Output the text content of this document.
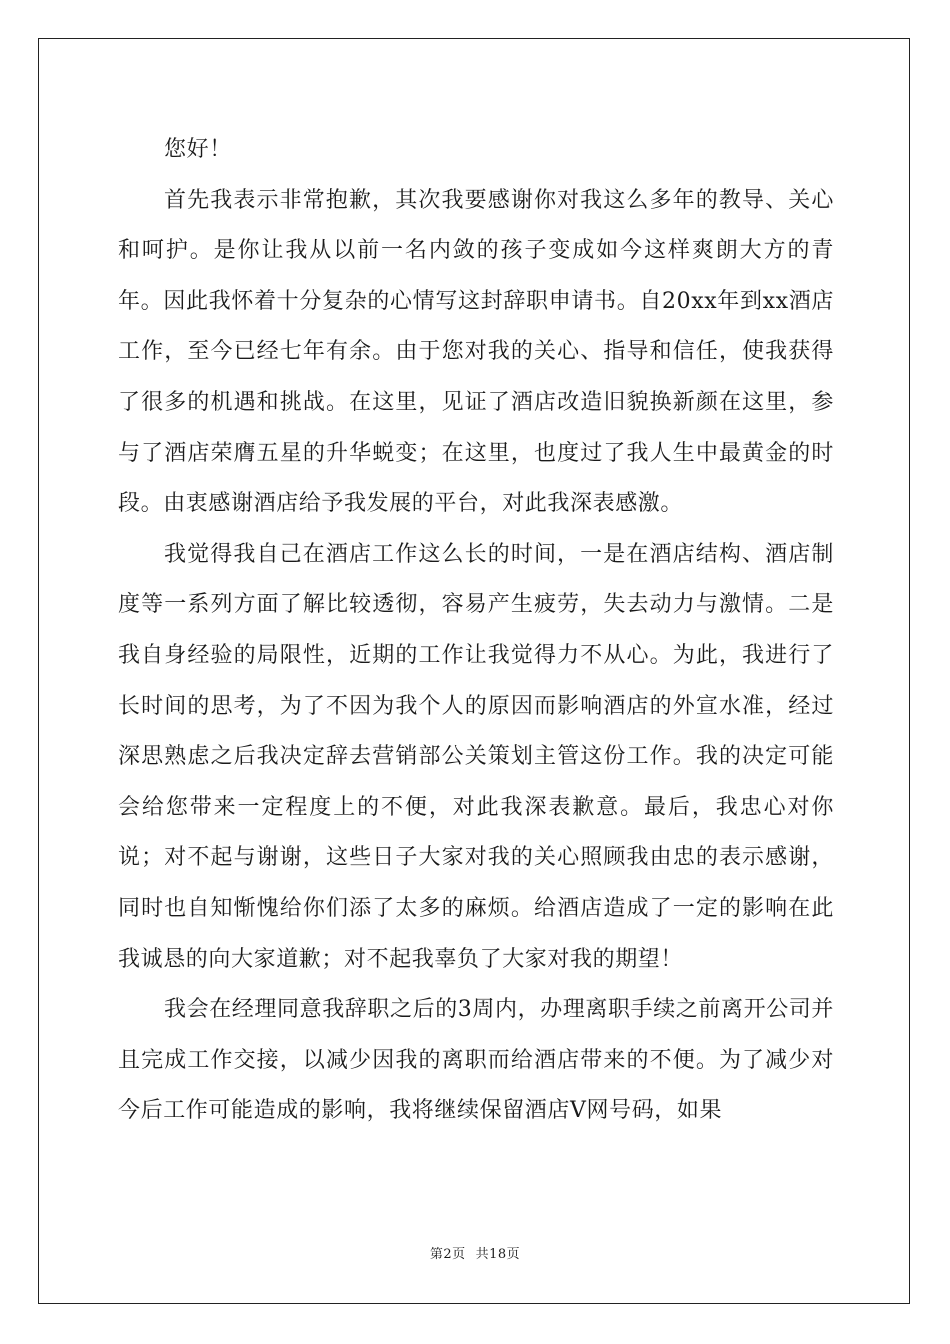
您好！

首先我表示非常抱歉，其次我要感谢你对我这么多年的教导、关心和呵护。是你让我从以前一名内敛的孩子变成如今这样爽朗大方的青年。因此我怀着十分复杂的心情写这封辞职申请书。自20xx年到xx酒店工作，至今已经七年有余。由于您对我的关心、指导和信任，使我获得了很多的机遇和挑战。在这里，见证了酒店改造旧貌换新颜在这里，参与了酒店荣膺五星的升华蜕变；在这里，也度过了我人生中最黄金的时段。由衷感谢酒店给予我发展的平台，对此我深表感激。

我觉得我自己在酒店工作这么长的时间，一是在酒店结构、酒店制度等一系列方面了解比较透彻，容易产生疲劳，失去动力与激情。二是我自身经验的局限性，近期的工作让我觉得力不从心。为此，我进行了长时间的思考，为了不因为我个人的原因而影响酒店的外宣水准，经过深思熟虑之后我决定辞去营销部公关策划主管这份工作。我的决定可能会给您带来一定程度上的不便，对此我深表歉意。最后，我忠心对你说；对不起与谢谢，这些日子大家对我的关心照顾我由忠的表示感谢，同时也自知惭愧给你们添了太多的麻烦。给酒店造成了一定的影响在此我诚恳的向大家道歉；对不起我辜负了大家对我的期望！

我会在经理同意我辞职之后的3周内，办理离职手续之前离开公司并且完成工作交接，以减少因我的离职而给酒店带来的不便。为了减少对今后工作可能造成的影响，我将继续保留酒店V网号码，如果

第2页 共18页
